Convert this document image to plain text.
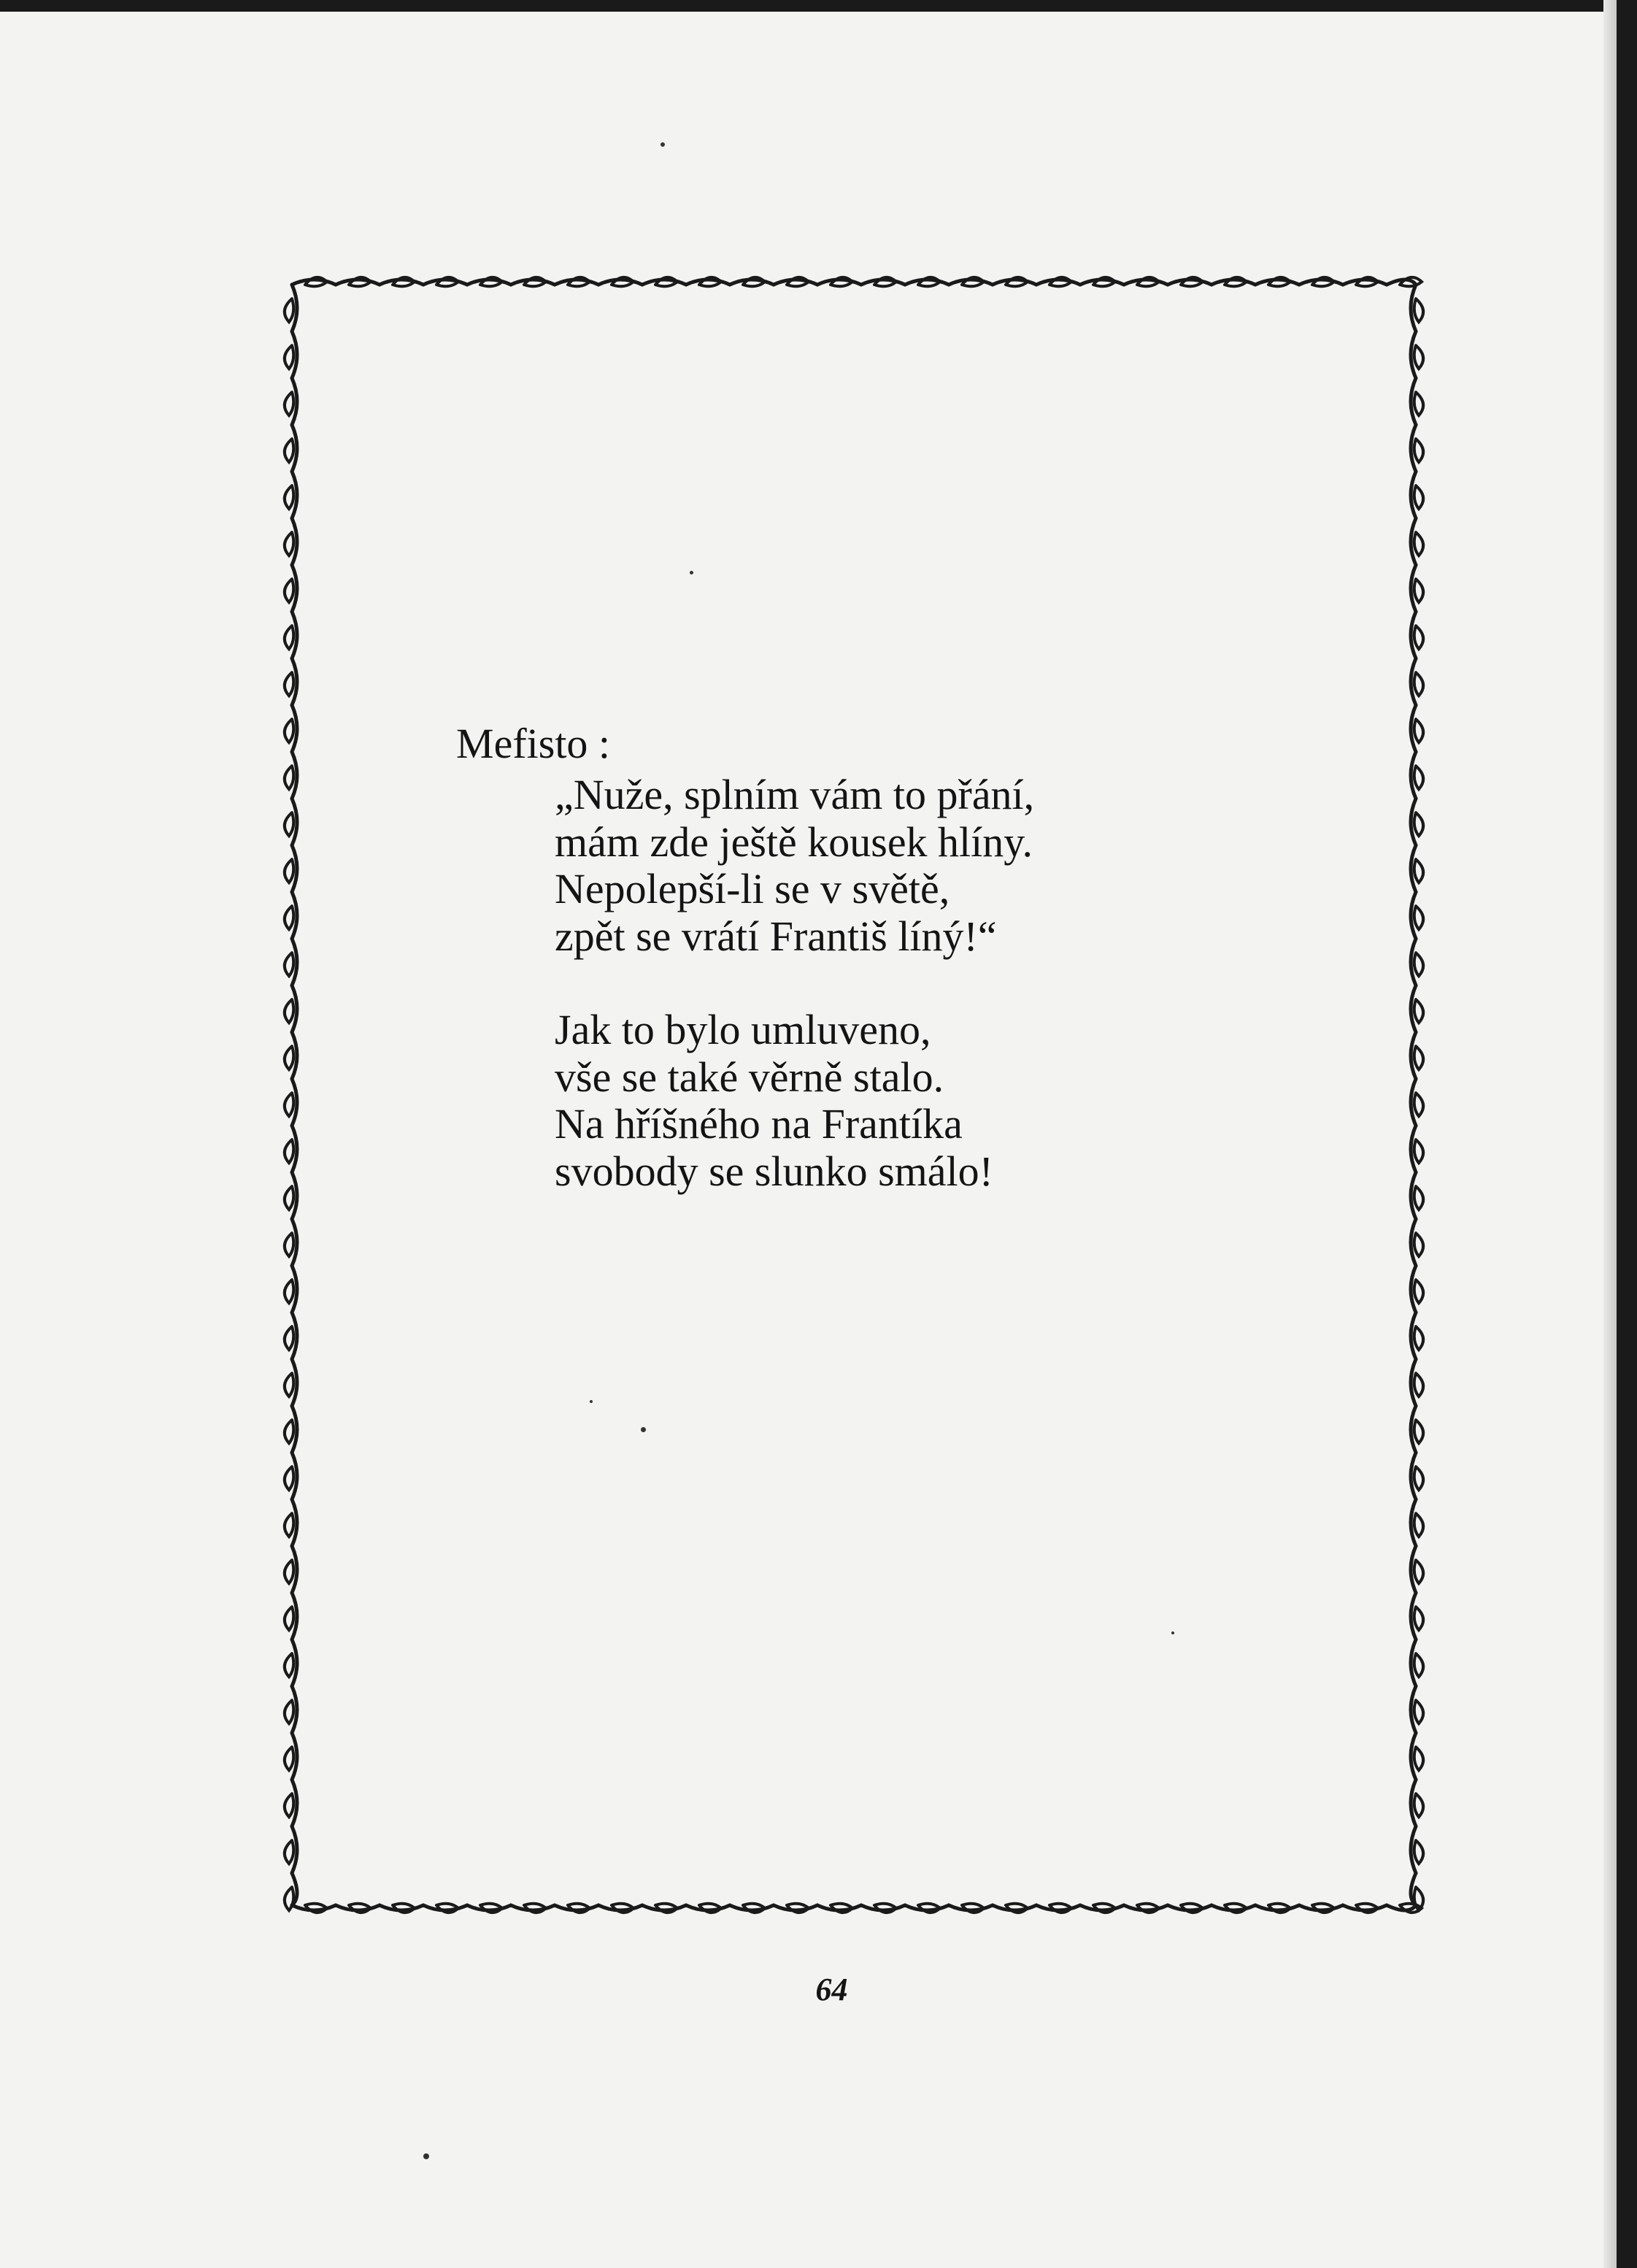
Mefisto :
„Nuže, splním vám to přání,
mám zde ještě kousek hlíny.
Nepolepší-li se v světě,
zpět se vrátí Františ líný!“
Jak to bylo umluveno,
vše se také věrně stalo.
Na hříšného na Frantíka
svobody se slunko smálo!
64
